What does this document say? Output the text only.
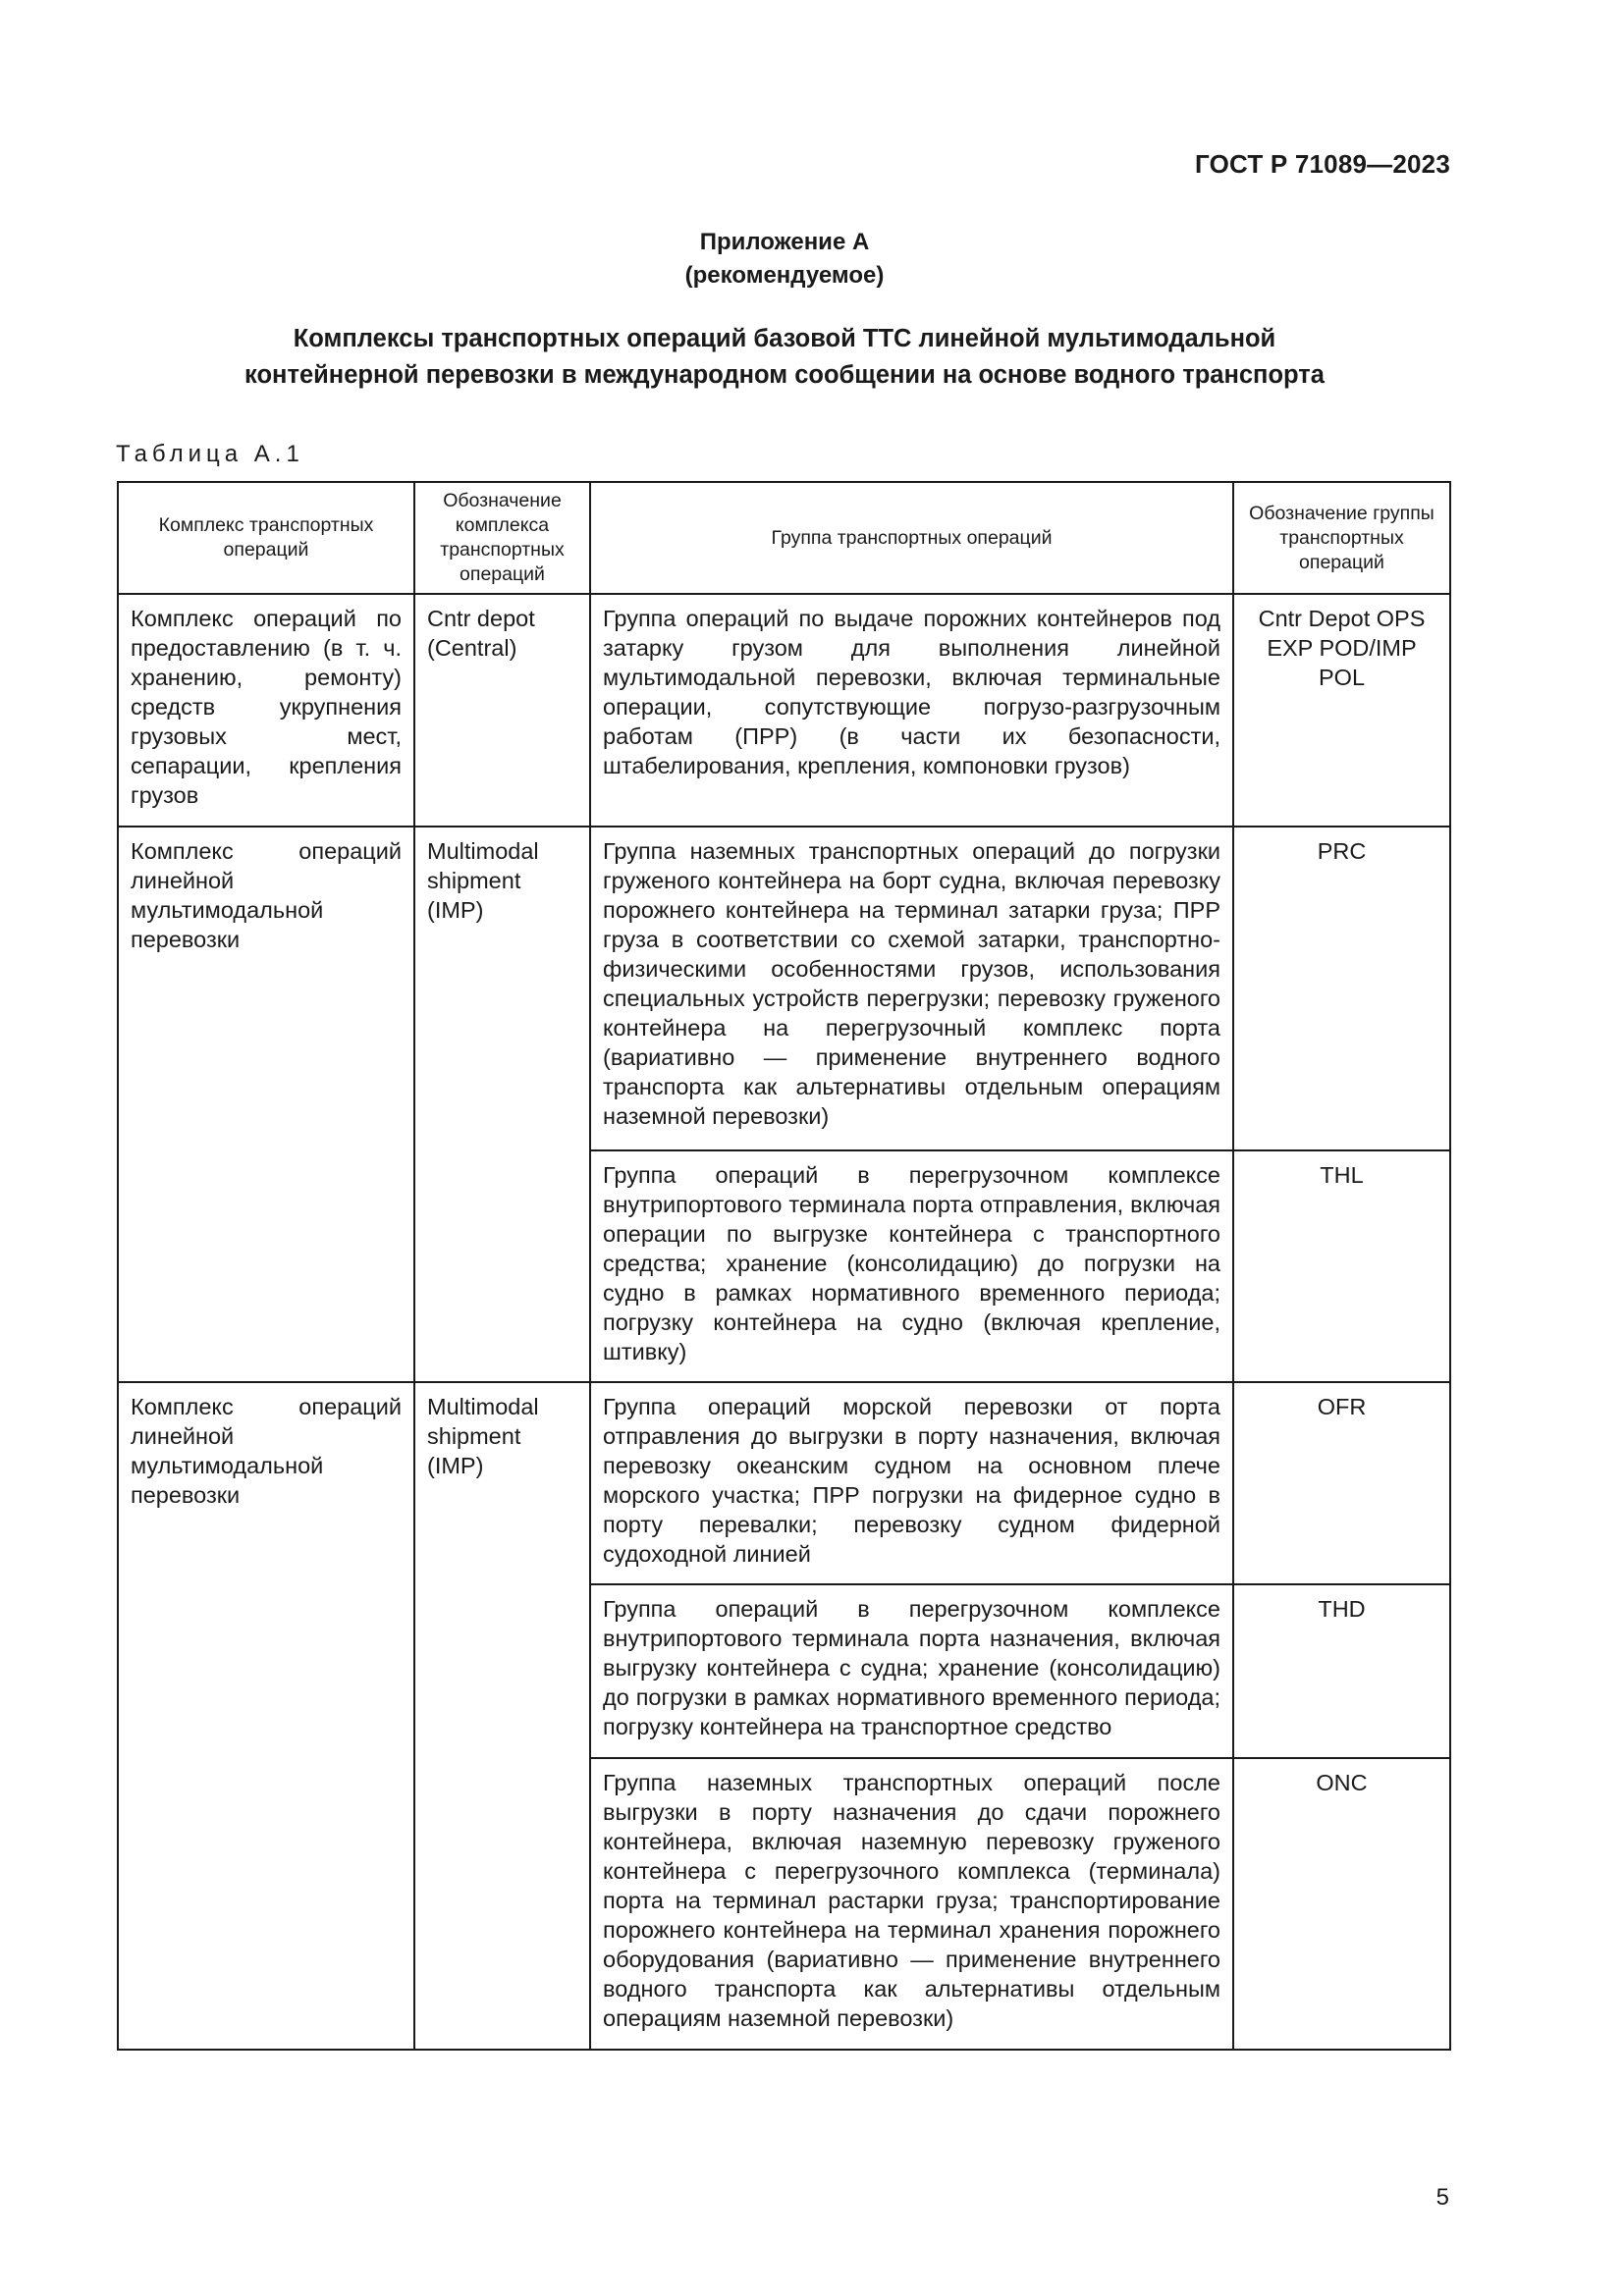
ГОСТ Р 71089—2023
Приложение А
(рекомендуемое)
Комплексы транспортных операций базовой ТТС линейной мультимодальной
контейнерной перевозки в международном сообщении на основе водного транспорта
Таблица А.1
Комплекс транспортных операций	Обозначение комплекса транспортных операций	Группа транспортных операций	Обозначение группы транспортных операций
Комплекс операций по предоставлению (в т. ч. хранению, ремонту) средств укрупнения грузовых мест, сепарации, крепления грузов	Cntr depot (Central)	Группа операций по выдаче порожних контейнеров под затарку грузом для выполнения линейной мультимодальной перевозки, включая терминальные операции, сопутствующие погрузо-разгрузочным работам (ПРР) (в части их безопасности, штабелирования, крепления, компоновки грузов)	Cntr Depot OPS EXP POD/IMP POL
Комплекс операций линейной мультимодальной перевозки	Multimodal shipment (IMP)	Группа наземных транспортных операций до погрузки груженого контейнера на борт судна, включая перевозку порожнего контейнера на терминал затарки груза; ПРР груза в соответствии со схемой затарки, транспортно-физическими особенностями грузов, использования специальных устройств перегрузки; перевозку груженого контейнера на перегрузочный комплекс порта (вариативно — применение внутреннего водного транспорта как альтернативы отдельным операциям наземной перевозки)	PRC
		Группа операций в перегрузочном комплексе внутрипортового терминала порта отправления, включая операции по выгрузке контейнера с транспортного средства; хранение (консолидацию) до погрузки на судно в рамках нормативного временного периода; погрузку контейнера на судно (включая крепление, штивку)	THL
Комплекс операций линейной мультимодальной перевозки	Multimodal shipment (IMP)	Группа операций морской перевозки от порта отправления до выгрузки в порту назначения, включая перевозку океанским судном на основном плече морского участка; ПРР погрузки на фидерное судно в порту перевалки; перевозку судном фидерной судоходной линией	OFR
		Группа операций в перегрузочном комплексе внутрипортового терминала порта назначения, включая выгрузку контейнера с судна; хранение (консолидацию) до погрузки в рамках нормативного временного периода; погрузку контейнера на транспортное средство	THD
		Группа наземных транспортных операций после выгрузки в порту назначения до сдачи порожнего контейнера, включая наземную перевозку груженого контейнера с перегрузочного комплекса (терминала) порта на терминал растарки груза; транспортирование порожнего контейнера на терминал хранения порожнего оборудования (вариативно — применение внутреннего водного транспорта как альтернативы отдельным операциям наземной перевозки)	ONC
5
